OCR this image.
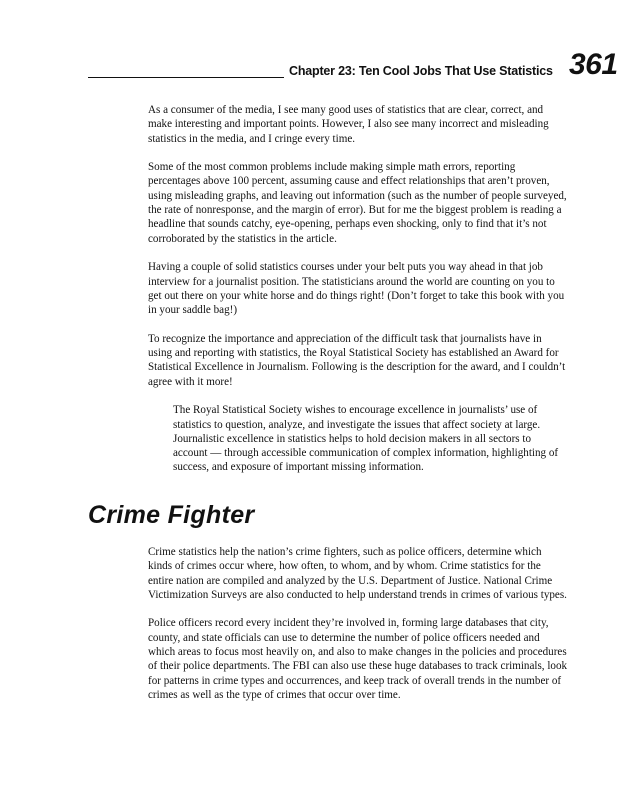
Chapter 23: Ten Cool Jobs That Use Statistics 361

As a consumer of the media, I see many good uses of statistics that are clear, correct, and make interesting and important points. However, I also see many incorrect and misleading statistics in the media, and I cringe every time.

Some of the most common problems include making simple math errors, reporting percentages above 100 percent, assuming cause and effect relationships that aren’t proven, using misleading graphs, and leaving out information (such as the number of people surveyed, the rate of nonresponse, and the margin of error). But for me the biggest problem is reading a headline that sounds catchy, eye-opening, perhaps even shocking, only to find that it’s not corroborated by the statistics in the article.

Having a couple of solid statistics courses under your belt puts you way ahead in that job interview for a journalist position. The statisticians around the world are counting on you to get out there on your white horse and do things right! (Don’t forget to take this book with you in your saddle bag!)

To recognize the importance and appreciation of the difficult task that journalists have in using and reporting with statistics, the Royal Statistical Society has established an Award for Statistical Excellence in Journalism. Following is the description for the award, and I couldn’t agree with it more!

The Royal Statistical Society wishes to encourage excellence in journalists’ use of statistics to question, analyze, and investigate the issues that affect society at large. Journalistic excellence in statistics helps to hold decision makers in all sectors to account — through accessible communication of complex information, highlighting of success, and exposure of important missing information.

Crime Fighter

Crime statistics help the nation’s crime fighters, such as police officers, determine which kinds of crimes occur where, how often, to whom, and by whom. Crime statistics for the entire nation are compiled and analyzed by the U.S. Department of Justice. National Crime Victimization Surveys are also conducted to help understand trends in crimes of various types.

Police officers record every incident they’re involved in, forming large databases that city, county, and state officials can use to determine the number of police officers needed and which areas to focus most heavily on, and also to make changes in the policies and procedures of their police departments. The FBI can also use these huge databases to track criminals, look for patterns in crime types and occurrences, and keep track of overall trends in the number of crimes as well as the type of crimes that occur over time.
